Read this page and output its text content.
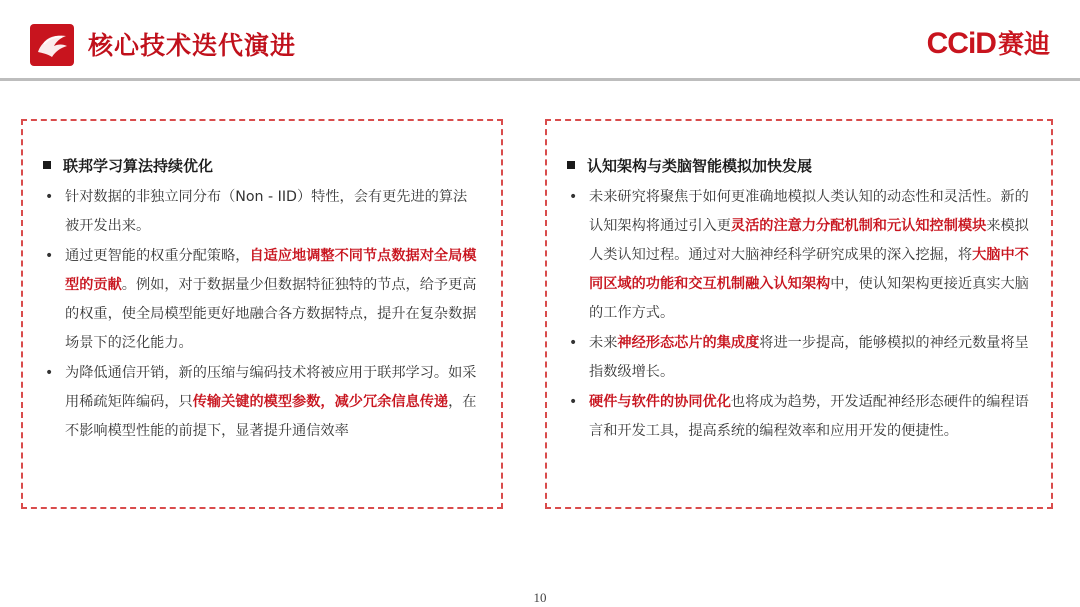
核心技术迭代演进	CCiD 赛迪
联邦学习算法持续优化
• 针对数据的非独立同分布（Non - IID）特性，会有更先进的算法被开发出来。
• 通过更智能的权重分配策略，自适应地调整不同节点数据对全局模型的贡献。例如，对于数据量少但数据特征独特的节点，给予更高的权重，使全局模型能更好地融合各方数据特点，提升在复杂数据场景下的泛化能力。
• 为降低通信开销，新的压缩与编码技术将被应用于联邦学习。如采用稀疏矩阵编码，只传输关键的模型参数，减少冗余信息传递，在不影响模型性能的前提下，显著提升通信效率
认知架构与类脑智能模拟加快发展
• 未来研究将聚焦于如何更准确地模拟人类认知的动态性和灵活性。新的认知架构将通过引入更灵活的注意力分配机制和元认知控制模块来模拟人类认知过程。通过对大脑神经科学研究成果的深入挖掘，将大脑中不同区域的功能和交互机制融入认知架构中，使认知架构更接近真实大脑的工作方式。
• 未来神经形态芯片的集成度将进一步提高，能够模拟的神经元数量将呈指数级增长。
• 硬件与软件的协同优化也将成为趋势，开发适配神经形态硬件的编程语言和开发工具，提高系统的编程效率和应用开发的便捷性。
10
